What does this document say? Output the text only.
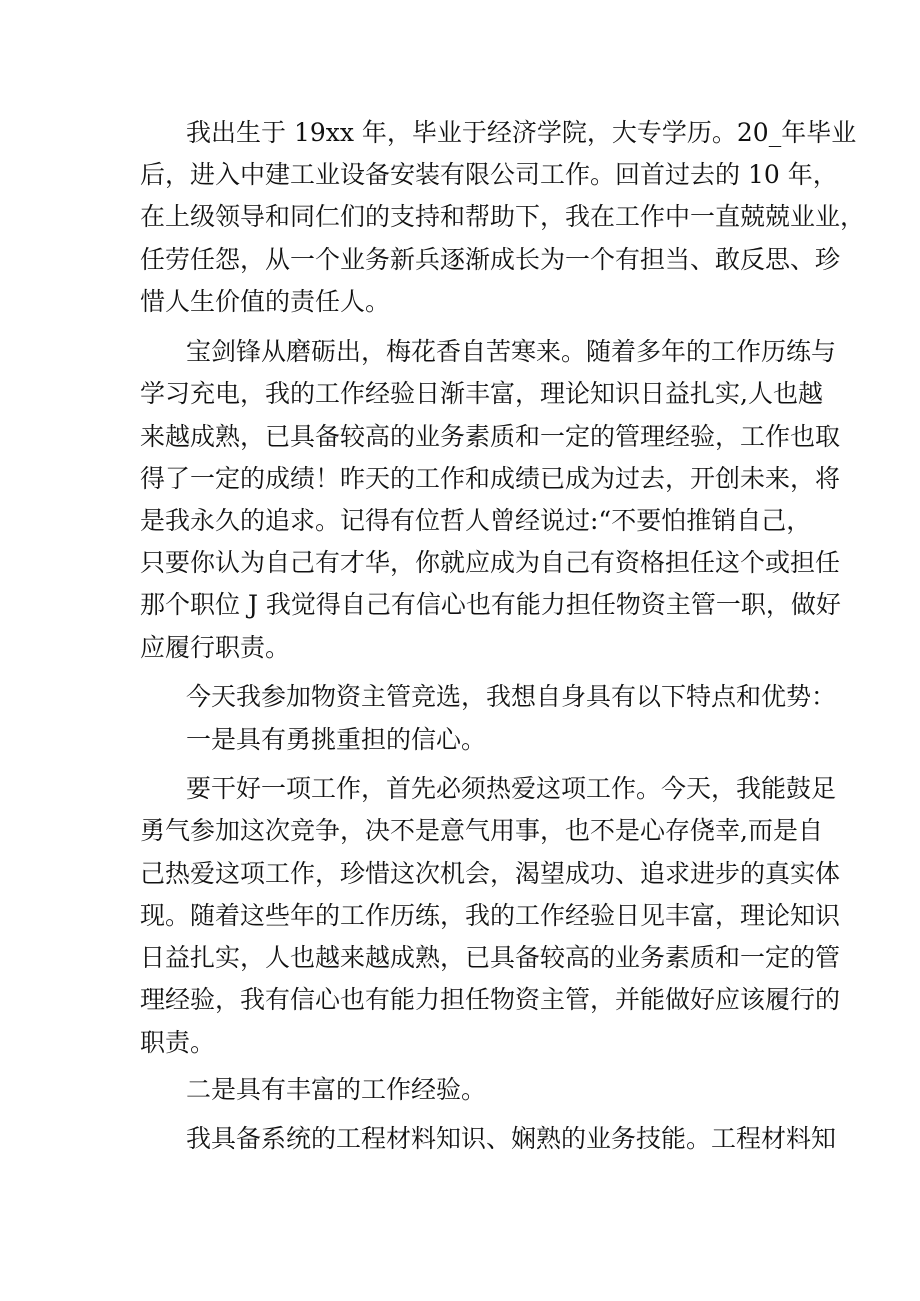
我出生于 19xx 年，毕业于经济学院，大专学历。20_年毕业

后，进入中建工业设备安装有限公司工作。回首过去的 10 年，

在上级领导和同仁们的支持和帮助下，我在工作中一直兢兢业业，

任劳任怨，从一个业务新兵逐渐成长为一个有担当、敢反思、珍

惜人生价值的责任人。

宝剑锋从磨砺出，梅花香自苦寒来。随着多年的工作历练与

学习充电，我的工作经验日渐丰富，理论知识日益扎实,人也越

来越成熟，已具备较高的业务素质和一定的管理经验，工作也取

得了一定的成绩！昨天的工作和成绩已成为过去，开创未来，将

是我永久的追求。记得有位哲人曾经说过:“不要怕推销自己，

只要你认为自己有才华，你就应成为自己有资格担任这个或担任

那个职位 J 我觉得自己有信心也有能力担任物资主管一职，做好

应履行职责。

今天我参加物资主管竞选，我想自身具有以下特点和优势：

一是具有勇挑重担的信心。

要干好一项工作，首先必须热爱这项工作。今天，我能鼓足

勇气参加这次竞争，决不是意气用事，也不是心存侥幸,而是自

己热爱这项工作，珍惜这次机会，渴望成功、追求进步的真实体

现。随着这些年的工作历练，我的工作经验日见丰富，理论知识

日益扎实，人也越来越成熟，已具备较高的业务素质和一定的管

理经验，我有信心也有能力担任物资主管，并能做好应该履行的

职责。

二是具有丰富的工作经验。

我具备系统的工程材料知识、娴熟的业务技能。工程材料知
